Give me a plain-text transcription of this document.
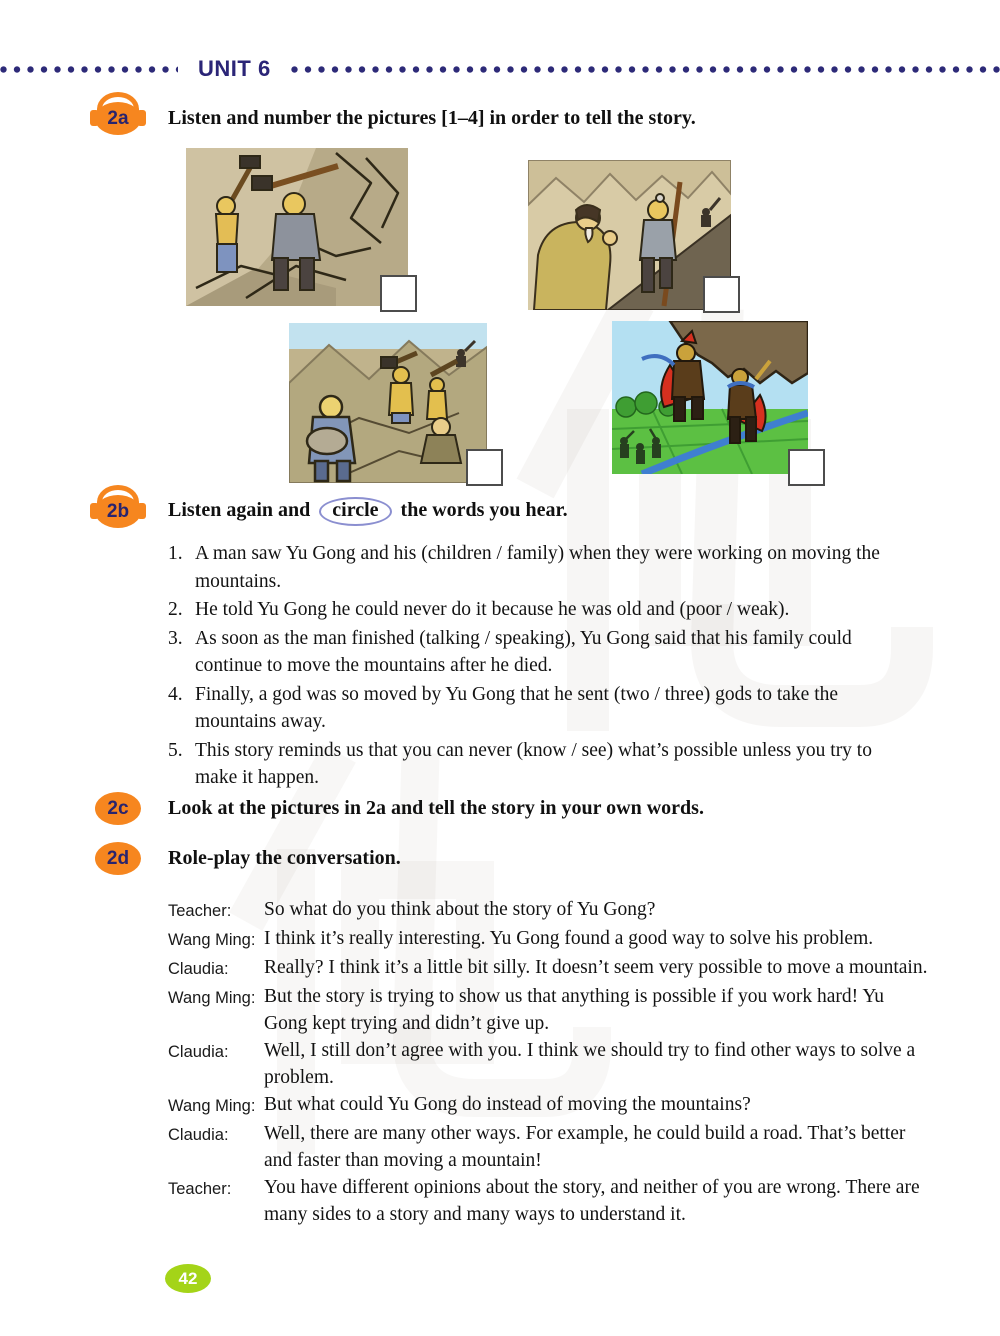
UNIT 6
2a Listen and number the pictures [1–4] in order to tell the story.
2b Listen again and circle the words you hear.
1. A man saw Yu Gong and his (children / family) when they were working on moving the mountains.
2. He told Yu Gong he could never do it because he was old and (poor / weak).
3. As soon as the man finished (talking / speaking), Yu Gong said that his family could continue to move the mountains after he died.
4. Finally, a god was so moved by Yu Gong that he sent (two / three) gods to take the mountains away.
5. This story reminds us that you can never (know / see) what’s possible unless you try to make it happen.
2c Look at the pictures in 2a and tell the story in your own words.
2d Role-play the conversation.
Teacher:	So what do you think about the story of Yu Gong?
Wang Ming: I think it’s really interesting. Yu Gong found a good way to solve his problem.
Claudia:	Really? I think it’s a little bit silly. It doesn’t seem very possible to move a mountain.
Wang Ming: But the story is trying to show us that anything is possible if you work hard! Yu Gong kept trying and didn’t give up.
Claudia:	Well, I still don’t agree with you. I think we should try to find other ways to solve a problem.
Wang Ming: But what could Yu Gong do instead of moving the mountains?
Claudia:	Well, there are many other ways. For example, he could build a road. That’s better and faster than moving a mountain!
Teacher:	You have different opinions about the story, and neither of you are wrong. There are many sides to a story and many ways to understand it.
42
